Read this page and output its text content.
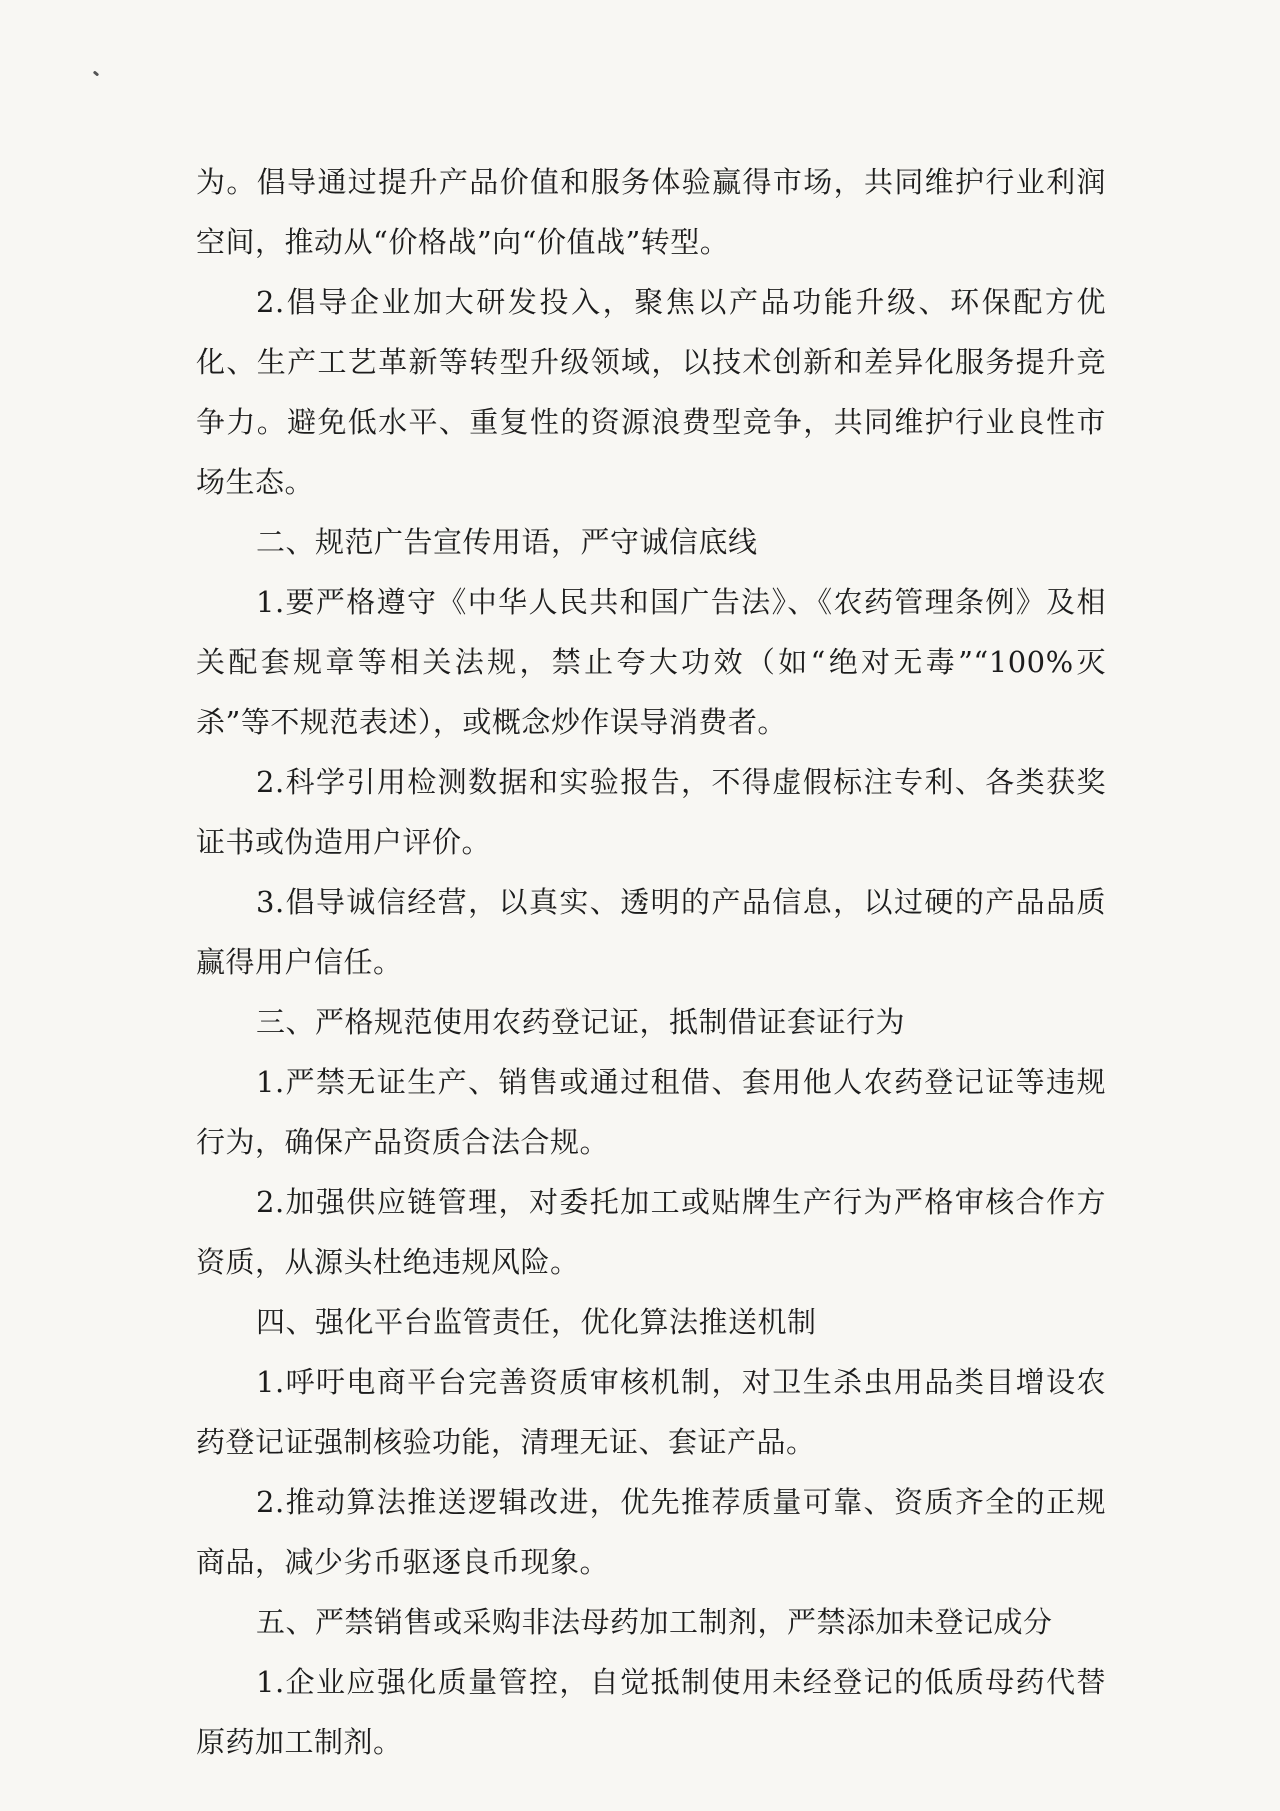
为。倡导通过提升产品价值和服务体验赢得市场，共同维护行业利润空间，推动从“价格战”向“价值战”转型。

2.倡导企业加大研发投入，聚焦以产品功能升级、环保配方优化、生产工艺革新等转型升级领域，以技术创新和差异化服务提升竞争力。避免低水平、重复性的资源浪费型竞争，共同维护行业良性市场生态。

二、规范广告宣传用语，严守诚信底线

1.要严格遵守《中华人民共和国广告法》、《农药管理条例》及相关配套规章等相关法规，禁止夸大功效（如“绝对无毒”“100%灭杀”等不规范表述），或概念炒作误导消费者。

2.科学引用检测数据和实验报告，不得虚假标注专利、各类获奖证书或伪造用户评价。

3.倡导诚信经营，以真实、透明的产品信息，以过硬的产品品质赢得用户信任。

三、严格规范使用农药登记证，抵制借证套证行为

1.严禁无证生产、销售或通过租借、套用他人农药登记证等违规行为，确保产品资质合法合规。

2.加强供应链管理，对委托加工或贴牌生产行为严格审核合作方资质，从源头杜绝违规风险。

四、强化平台监管责任，优化算法推送机制

1.呼吁电商平台完善资质审核机制，对卫生杀虫用品类目增设农药登记证强制核验功能，清理无证、套证产品。

2.推动算法推送逻辑改进，优先推荐质量可靠、资质齐全的正规商品，减少劣币驱逐良币现象。

五、严禁销售或采购非法母药加工制剂，严禁添加未登记成分

1.企业应强化质量管控，自觉抵制使用未经登记的低质母药代替原药加工制剂。
